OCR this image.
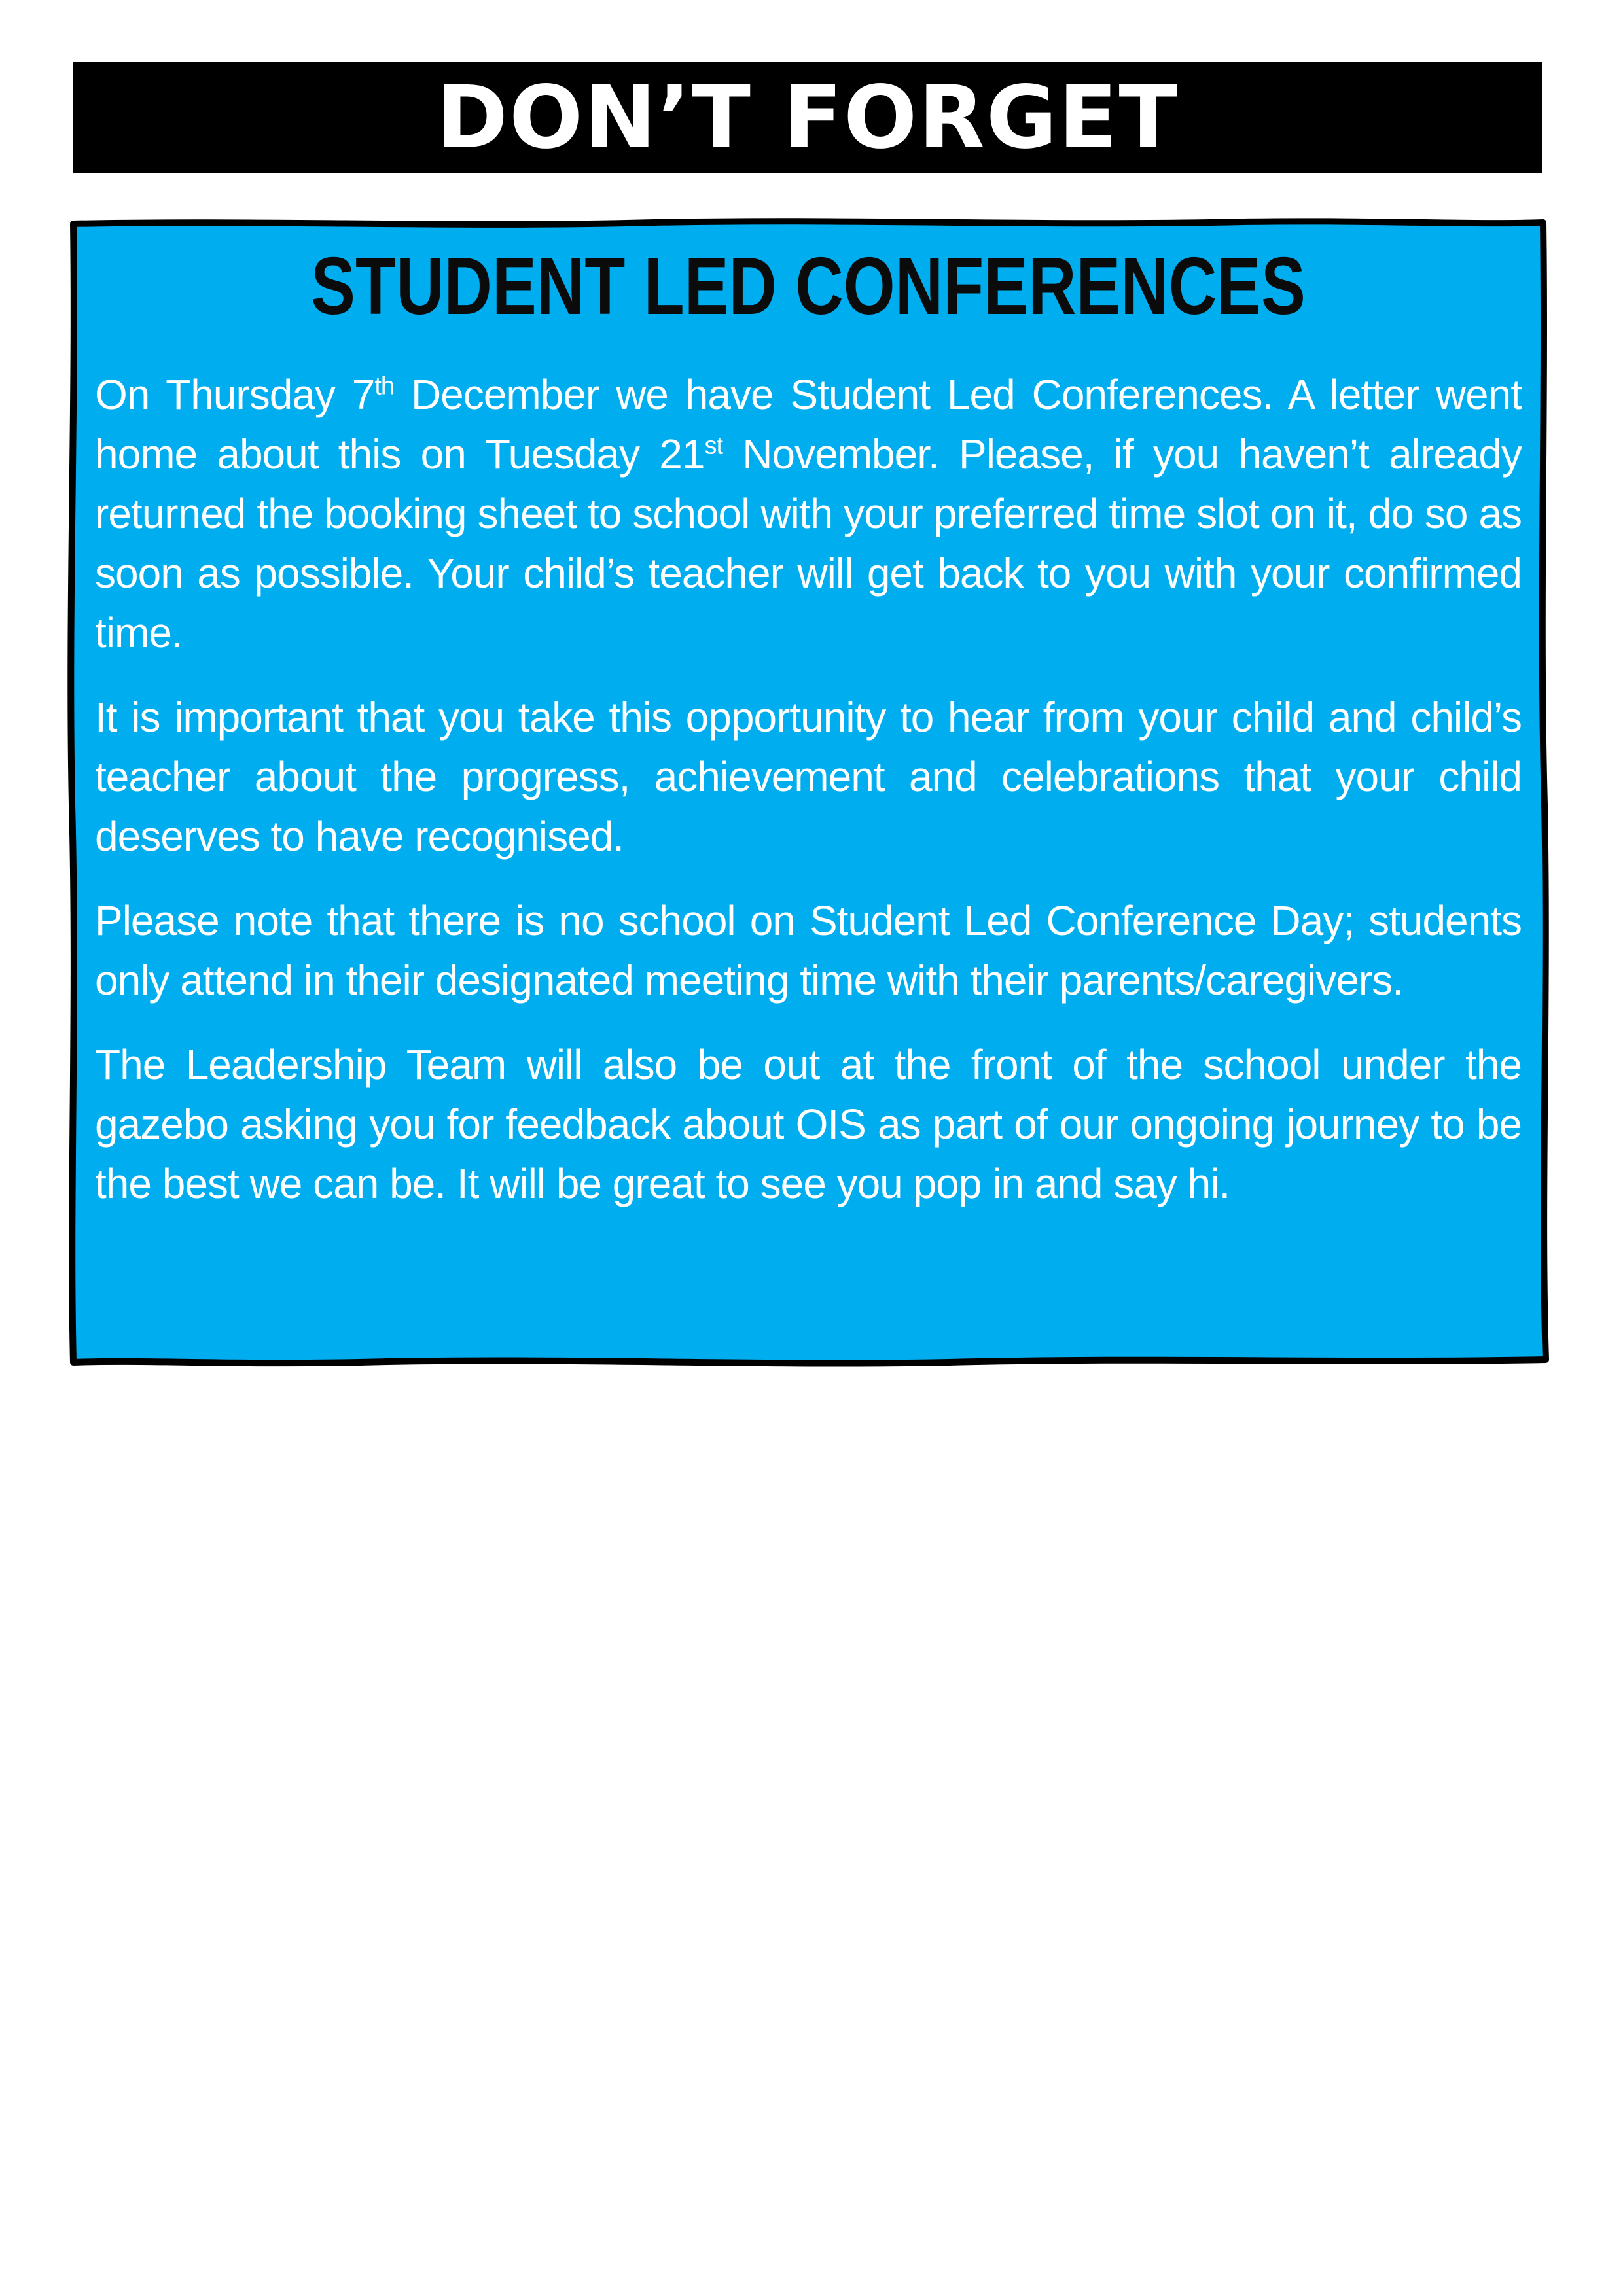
DON’T FORGET
STUDENT LED CONFERENCES

On Thursday 7th December we have Student Led Conferences. A letter went home about this on Tuesday 21st November. Please, if you haven’t already returned the booking sheet to school with your preferred time slot on it, do so as soon as possible. Your child’s teacher will get back to you with your confirmed time.

It is important that you take this opportunity to hear from your child and child’s teacher about the progress, achievement and celebrations that your child deserves to have recognised.

Please note that there is no school on Student Led Conference Day; students only attend in their designated meeting time with their parents/caregivers.

The Leadership Team will also be out at the front of the school under the gazebo asking you for feedback about OIS as part of our ongoing journey to be the best we can be. It will be great to see you pop in and say hi.
